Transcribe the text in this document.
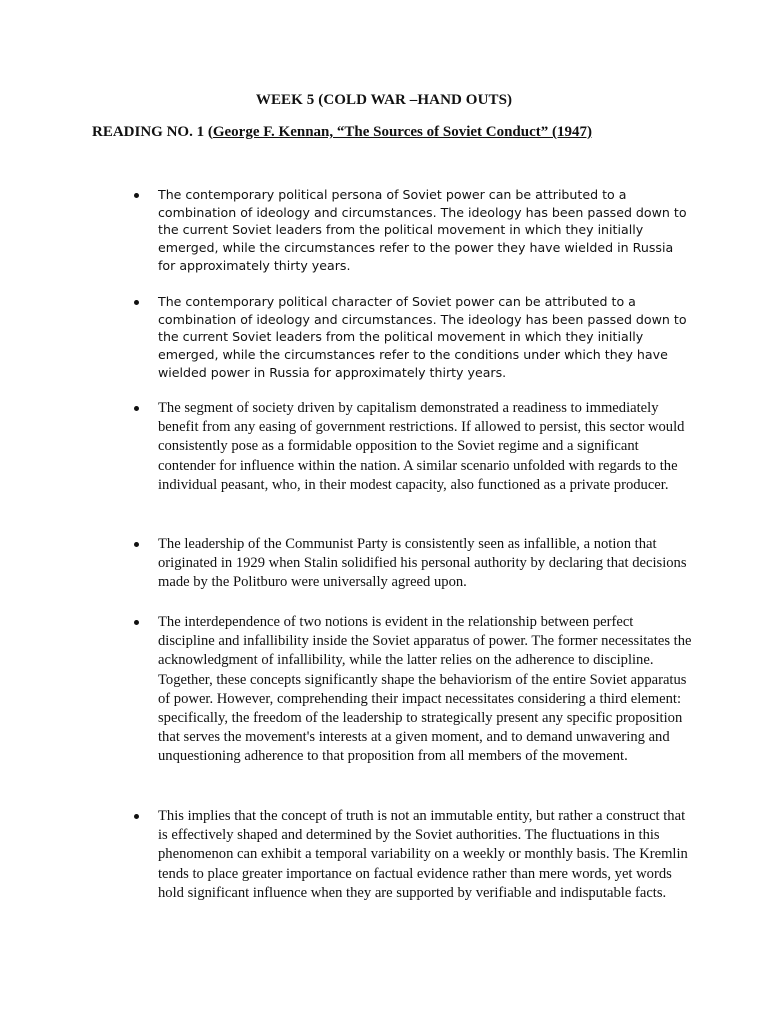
WEEK 5 (COLD WAR –HAND OUTS)
READING NO. 1 (George F. Kennan, “The Sources of Soviet Conduct” (1947)
The contemporary political persona of Soviet power can be attributed to a combination of ideology and circumstances. The ideology has been passed down to the current Soviet leaders from the political movement in which they initially emerged, while the circumstances refer to the power they have wielded in Russia for approximately thirty years.
The contemporary political character of Soviet power can be attributed to a combination of ideology and circumstances. The ideology has been passed down to the current Soviet leaders from the political movement in which they initially emerged, while the circumstances refer to the conditions under which they have wielded power in Russia for approximately thirty years.
The segment of society driven by capitalism demonstrated a readiness to immediately benefit from any easing of government restrictions. If allowed to persist, this sector would consistently pose as a formidable opposition to the Soviet regime and a significant contender for influence within the nation. A similar scenario unfolded with regards to the individual peasant, who, in their modest capacity, also functioned as a private producer.
The leadership of the Communist Party is consistently seen as infallible, a notion that originated in 1929 when Stalin solidified his personal authority by declaring that decisions made by the Politburo were universally agreed upon.
The interdependence of two notions is evident in the relationship between perfect discipline and infallibility inside the Soviet apparatus of power. The former necessitates the acknowledgment of infallibility, while the latter relies on the adherence to discipline. Together, these concepts significantly shape the behaviorism of the entire Soviet apparatus of power. However, comprehending their impact necessitates considering a third element: specifically, the freedom of the leadership to strategically present any specific proposition that serves the movement's interests at a given moment, and to demand unwavering and unquestioning adherence to that proposition from all members of the movement.
This implies that the concept of truth is not an immutable entity, but rather a construct that is effectively shaped and determined by the Soviet authorities. The fluctuations in this phenomenon can exhibit a temporal variability on a weekly or monthly basis. The Kremlin tends to place greater importance on factual evidence rather than mere words, yet words hold significant influence when they are supported by verifiable and indisputable facts.
